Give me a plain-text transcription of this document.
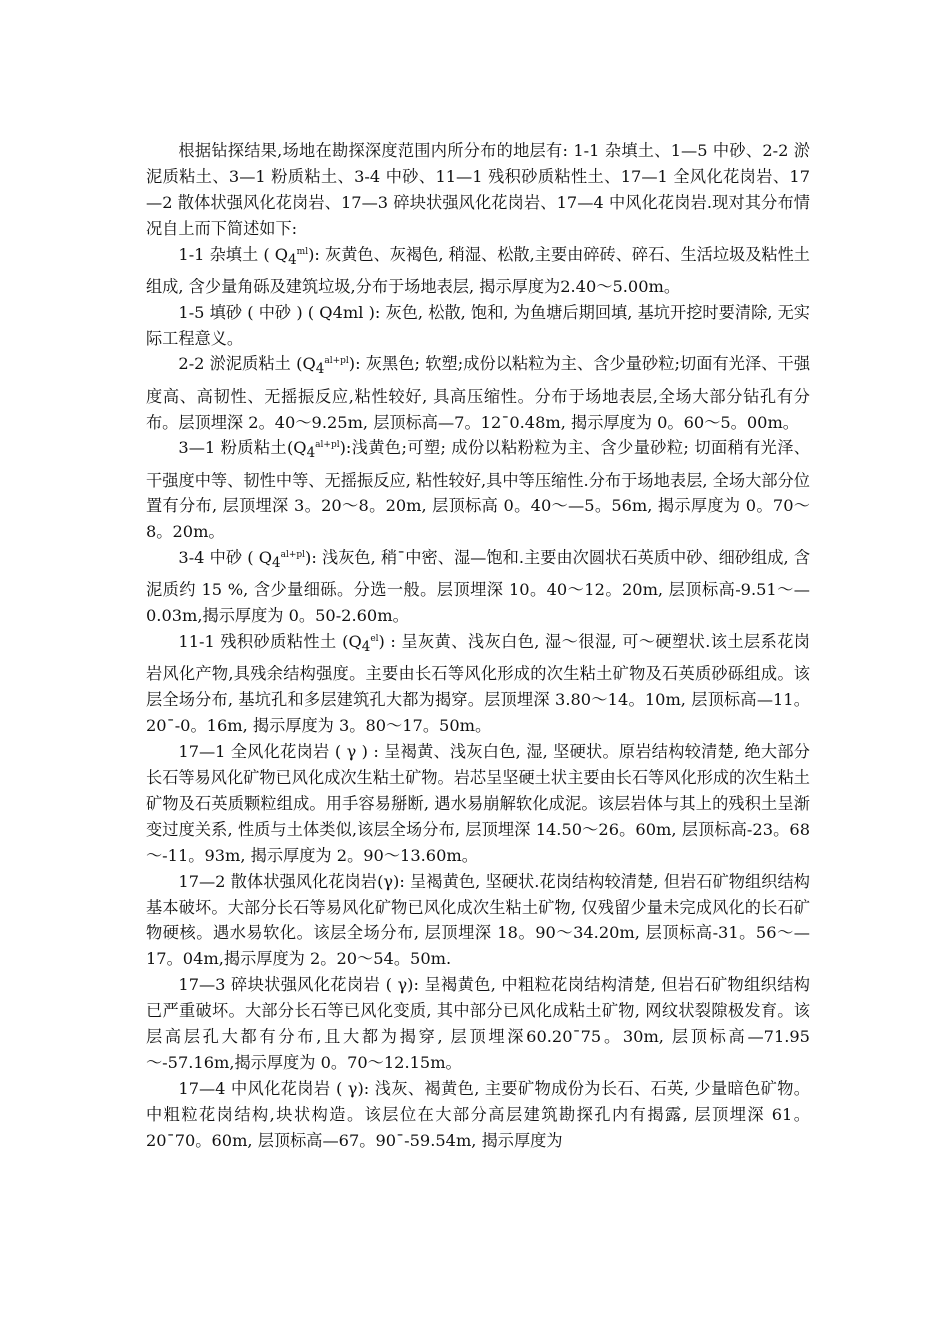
根据钻探结果,场地在勘探深度范围内所分布的地层有: 1-1 杂填土、1—5 中砂、2-2 淤泥质粘土、3—1 粉质粘土、3-4 中砂、11—1 残积砂质粘性土、17—1 全风化花岗岩、17—2 散体状强风化花岗岩、17—3 碎块状强风化花岗岩、17—4 中风化花岗岩.现对其分布情况自上而下简述如下:

1-1 杂填土 ( $Q_4^{ml}$): 灰黄色、灰褐色, 稍湿、松散,主要由碎砖、碎石、生活垃圾及粘性土组成, 含少量角砾及建筑垃圾,分布于场地表层, 揭示厚度为2.40～5.00m。

1-5 填砂 ( 中砂 ) ( Q4ml ): 灰色, 松散, 饱和, 为鱼塘后期回填, 基坑开挖时要清除, 无实际工程意义。

2-2 淤泥质粘土 $(Q_4^{al+pl})$: 灰黑色; 软塑;成份以粘粒为主、含少量砂粒;切面有光泽、干强度高、高韧性、无摇振反应,粘性较好, 具高压缩性。分布于场地表层,全场大部分钻孔有分布。层顶埋深 2。40～9.25m, 层顶标高—7。12¯0.48m, 揭示厚度为 0。60～5。00m。

3—1 粉质粘土$(Q_4^{al+pl})$:浅黄色;可塑; 成份以粘粉粒为主、含少量砂粒; 切面稍有光泽、干强度中等、韧性中等、无摇振反应, 粘性较好,具中等压缩性.分布于场地表层, 全场大部分位置有分布, 层顶埋深 3。20～8。20m, 层顶标高 0。40～—5。56m, 揭示厚度为 0。70～8。20m。

3-4 中砂 ( $Q_4^{al+pl}$): 浅灰色, 稍¯中密、湿—饱和.主要由次圆状石英质中砂、细砂组成, 含泥质约 15 %, 含少量细砾。分选一般。层顶埋深 10。40～12。20m, 层顶标高-9.51～—0.03m,揭示厚度为 0。50-2.60m。

11-1 残积砂质粘性土 $(Q_4^{el})$ : 呈灰黄、浅灰白色, 湿～很湿, 可～硬塑状.该土层系花岗岩风化产物,具残余结构强度。主要由长石等风化形成的次生粘土矿物及石英质砂砾组成。该层全场分布, 基坑孔和多层建筑孔大都为揭穿。层顶埋深 3.80～14。10m, 层顶标高—11。20¯-0。16m, 揭示厚度为 3。80～17。50m。

17—1 全风化花岗岩 ( γ ) : 呈褐黄、浅灰白色, 湿, 坚硬状。原岩结构较清楚, 绝大部分长石等易风化矿物已风化成次生粘土矿物。岩芯呈坚硬土状主要由长石等风化形成的次生粘土矿物及石英质颗粒组成。用手容易掰断, 遇水易崩解软化成泥。该层岩体与其上的残积土呈渐变过度关系, 性质与土体类似,该层全场分布, 层顶埋深 14.50～26。60m, 层顶标高-23。68～-11。93m, 揭示厚度为 2。90～13.60m。

17—2 散体状强风化花岗岩(γ): 呈褐黄色, 坚硬状.花岗结构较清楚, 但岩石矿物组织结构基本破坏。大部分长石等易风化矿物已风化成次生粘土矿物, 仅残留少量未完成风化的长石矿物硬核。遇水易软化。该层全场分布, 层顶埋深 18。90～34.20m, 层顶标高-31。56～—17。04m,揭示厚度为 2。20～54。50m.

17—3 碎块状强风化花岗岩 ( γ): 呈褐黄色, 中粗粒花岗结构清楚, 但岩石矿物组织结构已严重破坏。大部分长石等已风化变质, 其中部分已风化成粘土矿物, 网纹状裂隙极发育。该层高层孔大都有分布,且大都为揭穿, 层顶埋深60.20¯75。30m, 层顶标高—71.95～-57.16m,揭示厚度为 0。70～12.15m。

17—4 中风化花岗岩 ( γ): 浅灰、褐黄色, 主要矿物成份为长石、石英, 少量暗色矿物。中粗粒花岗结构,块状构造。该层位在大部分高层建筑勘探孔内有揭露, 层顶埋深 61。20¯70。60m, 层顶标高—67。90¯-59.54m, 揭示厚度为
